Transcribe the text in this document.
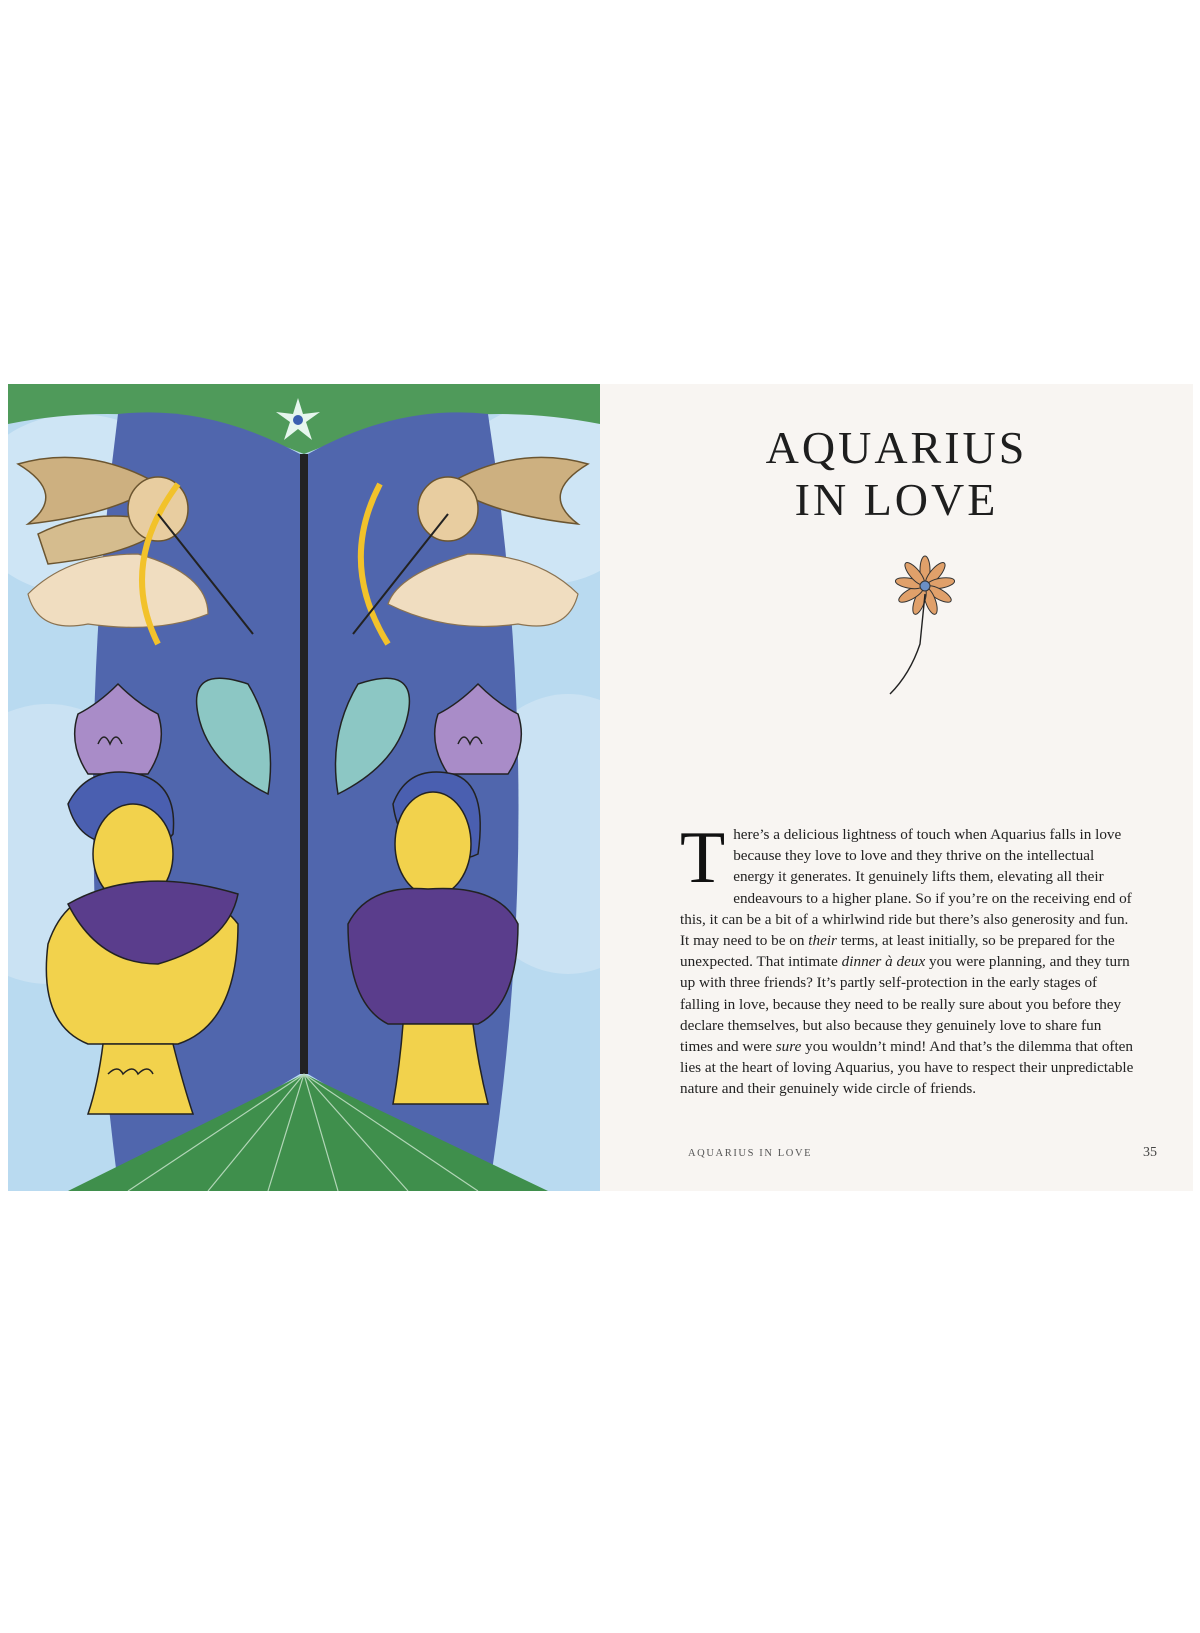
AQUARIUS
IN LOVE

There’s a delicious lightness of touch when Aquarius falls in love because they love to love and they thrive on the intellectual energy it generates. It genuinely lifts them, elevating all their endeavours to a higher plane. So if you’re on the receiving end of this, it can be a bit of a whirlwind ride but there’s also generosity and fun. It may need to be on their terms, at least initially, so be prepared for the unexpected. That intimate dinner à deux you were planning, and they turn up with three friends? It’s partly self-protection in the early stages of falling in love, because they need to be really sure about you before they declare themselves, but also because they genuinely love to share fun times and were sure you wouldn’t mind! And that’s the dilemma that often lies at the heart of loving Aquarius, you have to respect their unpredictable nature and their genuinely wide circle of friends.

AQUARIUS IN LOVE	35
